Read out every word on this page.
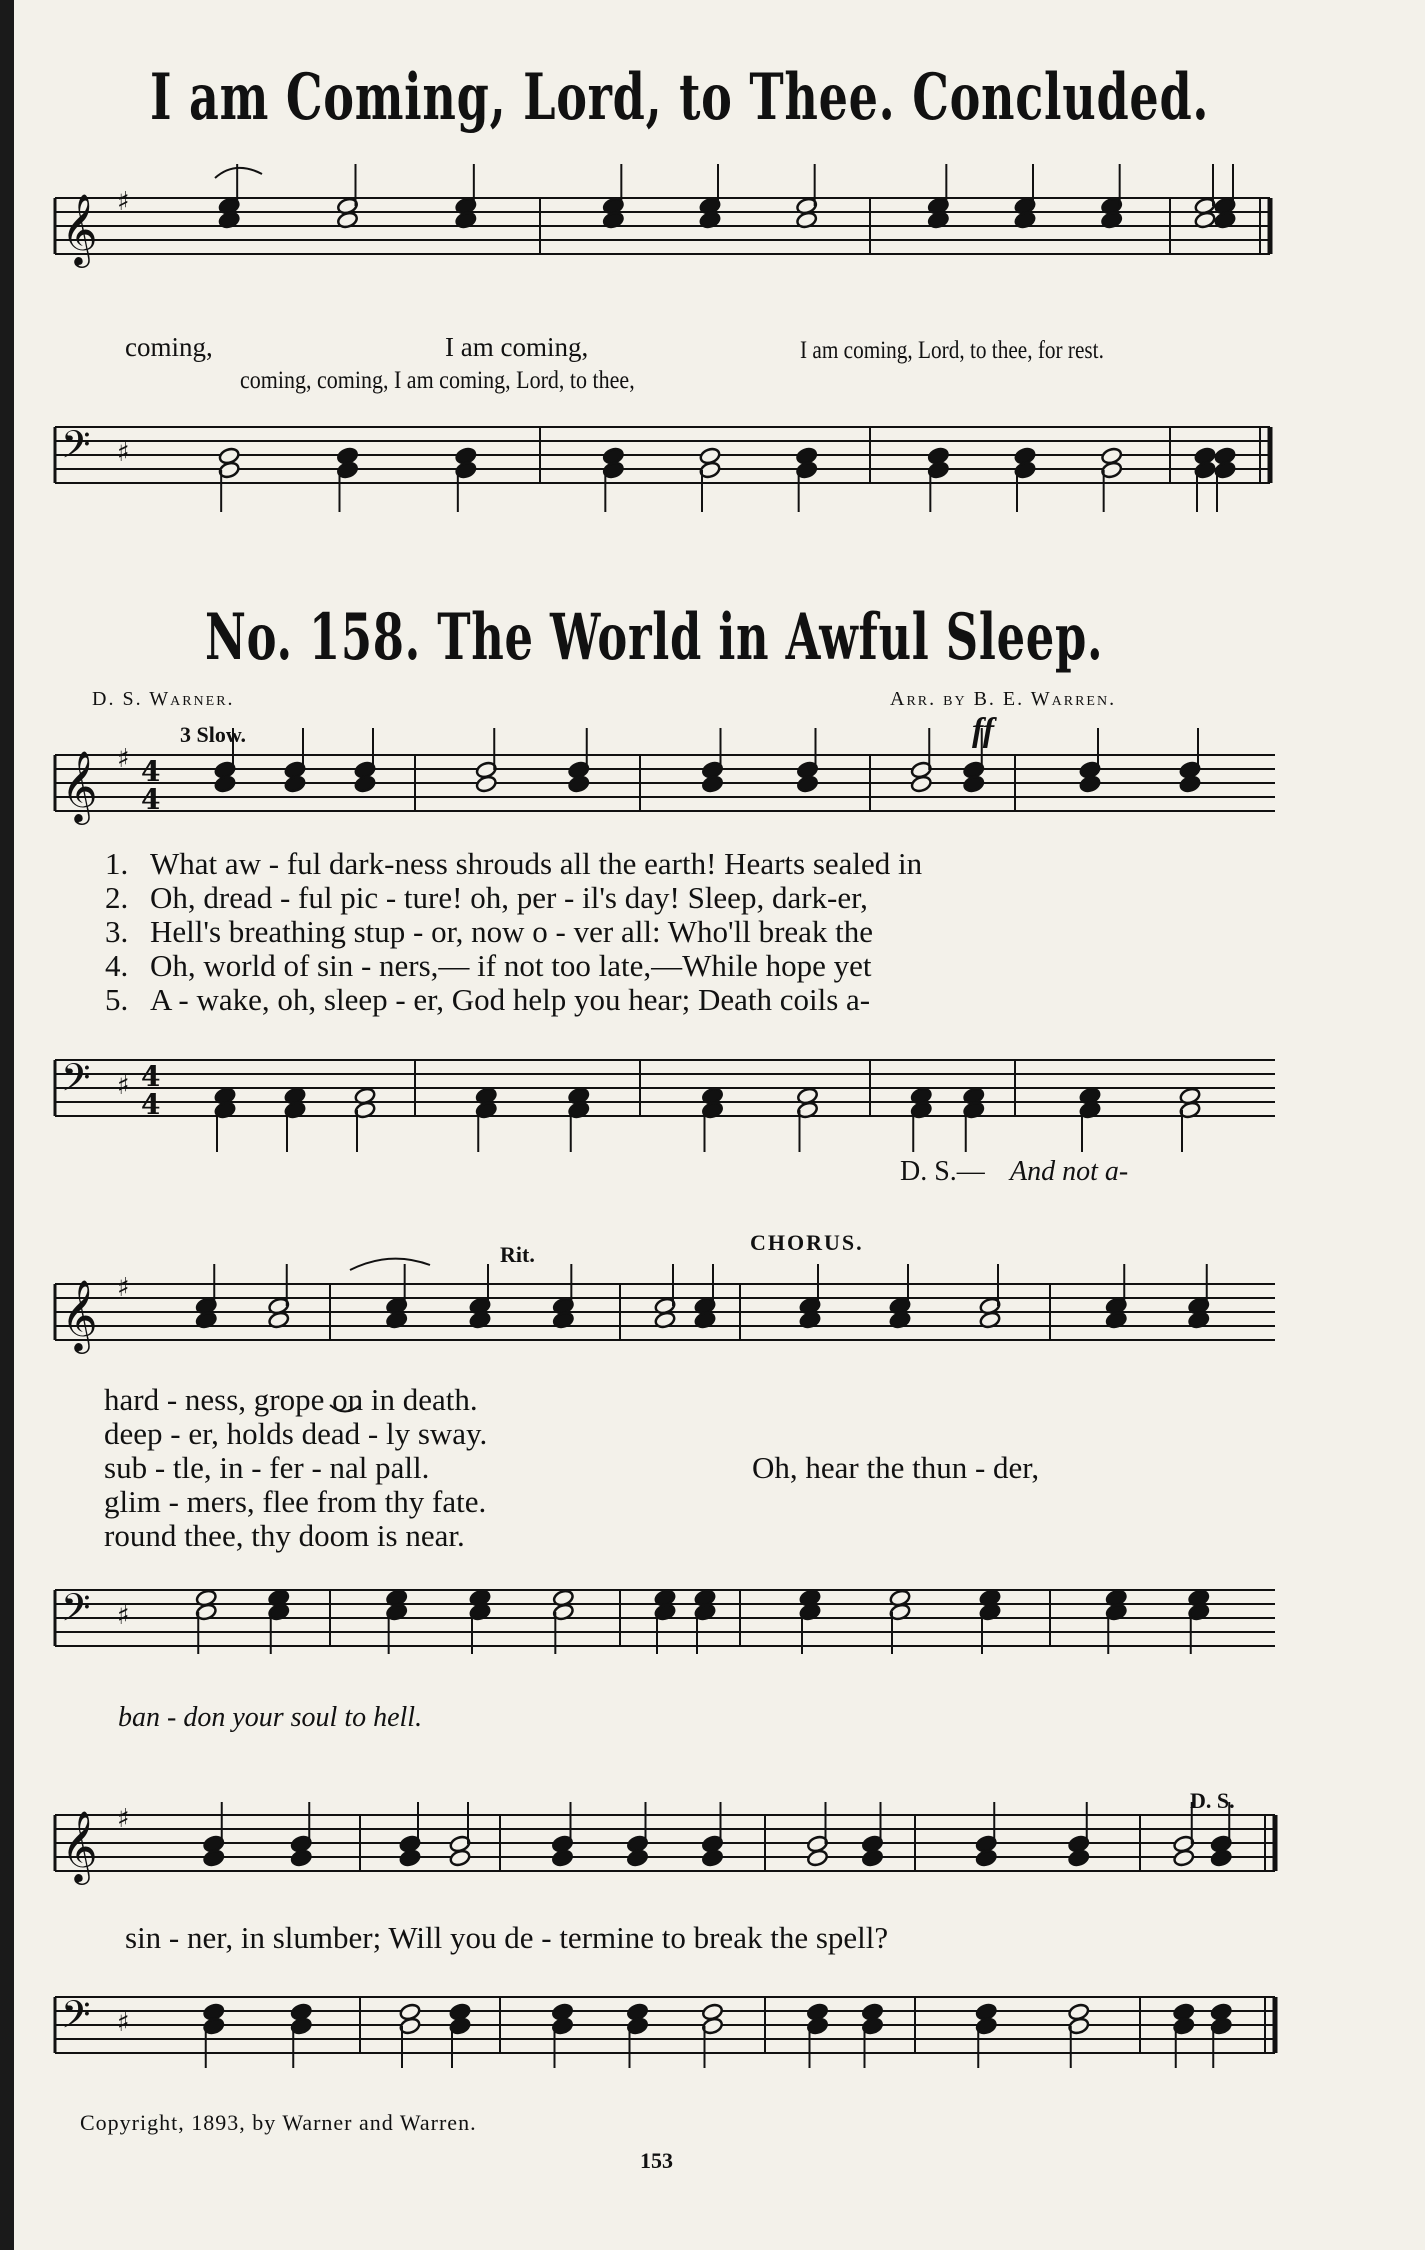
I am Coming, Lord, to Thee. Concluded.
No. 158. The World in Awful Sleep.
D. S. Warner.	Arr. by B. E. Warren.
3 Slow.	ff
Rit.	CHORUS.
D. S.
coming,	I am coming,	I am coming, Lord, to thee, for rest.
coming, coming, I am coming, Lord, to thee,
1. What aw - ful dark-ness shrouds all the earth! Hearts sealed in
2. Oh, dread - ful pic - ture! oh, per - il's day! Sleep, dark-er,
3. Hell's breathing stup - or, now o - ver all: Who'll break the
4. Oh, world of sin - ners,— if not too late,—While hope yet
5. A - wake, oh, sleep - er, God help you hear; Death coils a-
D. S.— And not a-
ban - don your soul to hell.
hard - ness, grope on in death.
deep - er, holds dead - ly sway.
sub - tle, in - fer - nal pall.
glim - mers, flee from thy fate.
round thee, thy doom is near.
Oh, hear the thun - der,
sin - ner, in slumber; Will you de - termine to break the spell?
Copyright, 1893, by Warner and Warren.
153
𝄞 ♯
𝄢 ♯
𝄞 ♯ 4
4
𝄢 ♯ 4
4
𝄞 ♯
𝄢 ♯
𝄞 ♯
𝄢 ♯
